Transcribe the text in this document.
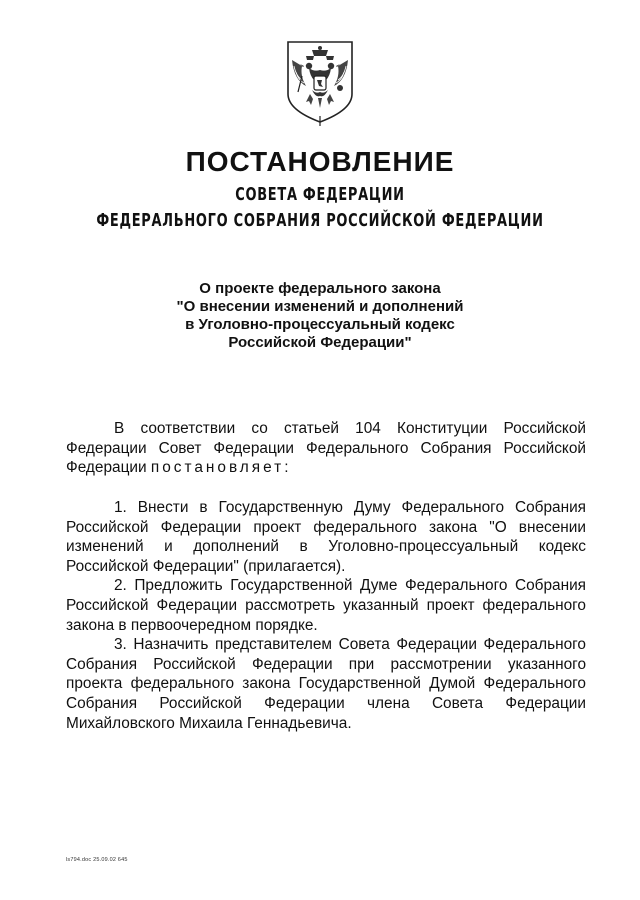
ПОСТАНОВЛЕНИЕ
СОВЕТА ФЕДЕРАЦИИ
ФЕДЕРАЛЬНОГО СОБРАНИЯ РОССИЙСКОЙ ФЕДЕРАЦИИ
О проекте федерального закона
"О внесении изменений и дополнений
в Уголовно-процессуальный кодекс
Российской Федерации"

В соответствии со статьей 104 Конституции Российской Федерации Совет Федерации Федерального Собрания Российской Федерации постановляет:

1. Внести в Государственную Думу Федерального Собрания Российской Федерации проект федерального закона "О внесении изменений и дополнений в Уголовно-процессуальный кодекс Российской Федерации" (прилагается).

2. Предложить Государственной Думе Федерального Собрания Российской Федерации рассмотреть указанный проект федерального закона в первоочередном порядке.

3. Назначить представителем Совета Федерации Федерального Собрания Российской Федерации при рассмотрении указанного проекта федерального закона Государственной Думой Федерального Собрания Российской Федерации члена Совета Федерации Михайловского Михаила Геннадьевича.

ls794.doc 25.09.02 645
